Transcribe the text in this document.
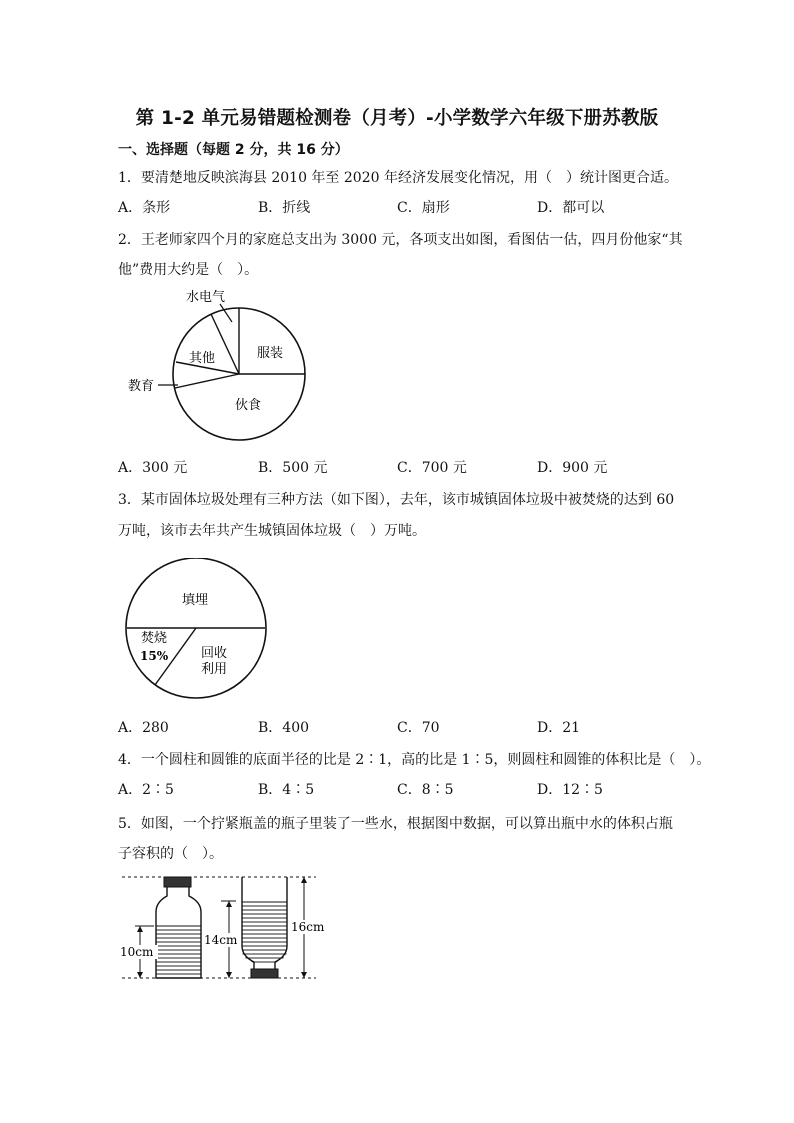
第 1-2 单元易错题检测卷（月考）-小学数学六年级下册苏教版
一、选择题（每题 2 分，共 16 分）
1．要清楚地反映滨海县 2010 年至 2020 年经济发展变化情况，用（　）统计图更合适。
A．条形	B．折线	C．扇形	D．都可以
2．王老师家四个月的家庭总支出为 3000 元，各项支出如图，看图估一估，四月份他家“其
他”费用大约是（　）。
水电气
服装
其他
教育
伙食
A．300 元	B．500 元	C．700 元	D．900 元
3．某市固体垃圾处理有三种方法（如下图），去年，该市城镇固体垃圾中被焚烧的达到 60
万吨，该市去年共产生城镇固体垃圾（　）万吨。
填埋
焚烧
15%	回收
利用
A．280	B．400	C．70	D．21
4．一个圆柱和圆锥的底面半径的比是 2∶1，高的比是 1∶5，则圆柱和圆锥的体积比是（　）。
A．2∶5	B．4∶5	C．8∶5	D．12∶5
5．如图，一个拧紧瓶盖的瓶子里装了一些水，根据图中数据，可以算出瓶中水的体积占瓶
子容积的（　）。
10cm
14cm
16cm
